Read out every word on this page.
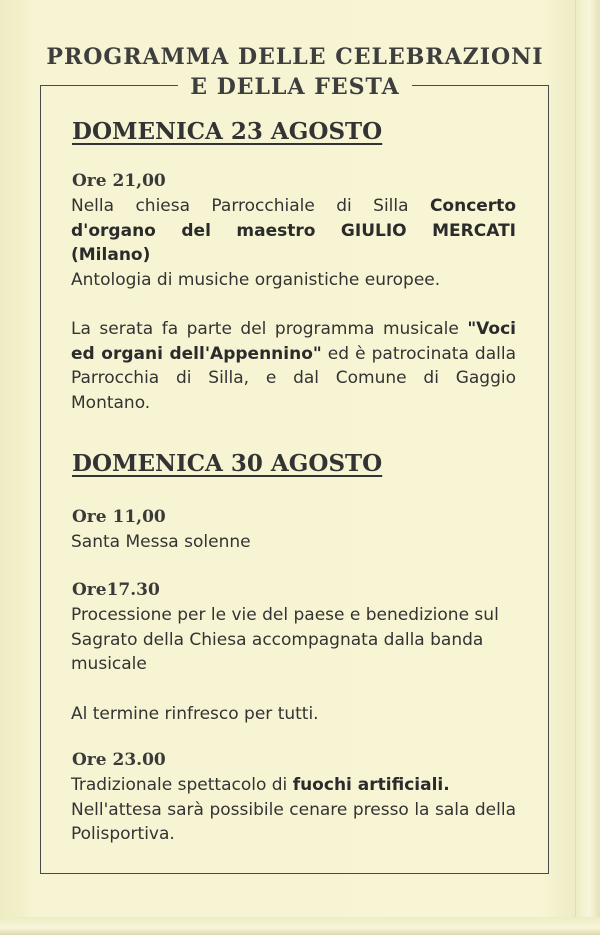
PROGRAMMA DELLE CELEBRAZIONI
E DELLA FESTA
DOMENICA 23 AGOSTO
Ore 21,00
Nella chiesa Parrocchiale di Silla Concerto d'organo del maestro GIULIO MERCATI (Milano)
Antologia di musiche organistiche europee.
La serata fa parte del programma musicale "Voci ed organi dell'Appennino" ed è patrocinata dalla Parrocchia di Silla, e dal Comune di Gaggio Montano.
DOMENICA 30 AGOSTO
Ore 11,00
Santa Messa solenne
Ore17.30
Processione per le vie del paese e benedizione sul Sagrato della Chiesa accompagnata dalla banda musicale
Al termine rinfresco per tutti.
Ore 23.00
Tradizionale spettacolo di fuochi artificiali.
Nell'attesa sarà possibile cenare presso la sala della Polisportiva.
